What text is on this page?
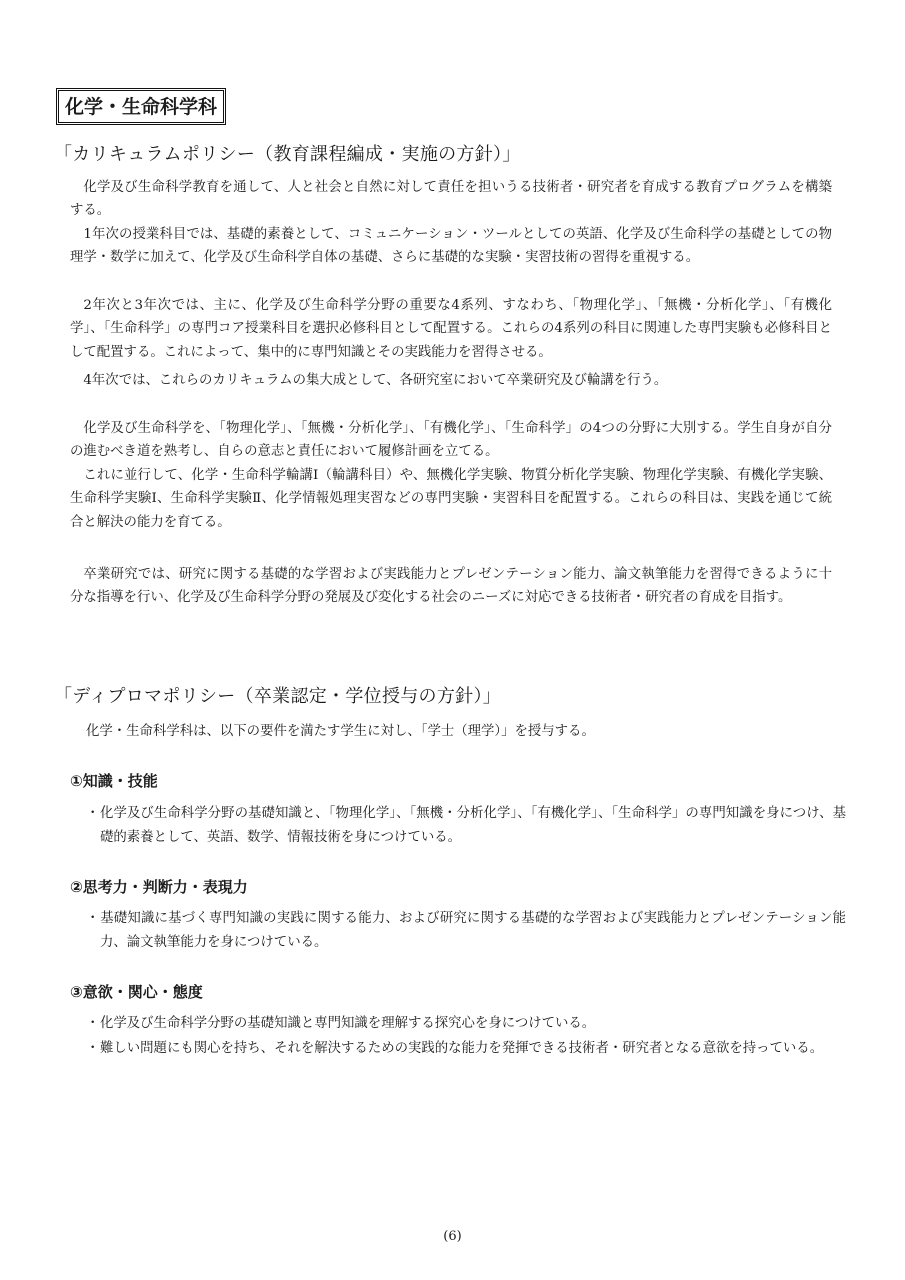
化学・生命科学科
「カリキュラムポリシー（教育課程編成・実施の方針）」

化学及び生命科学教育を通して、人と社会と自然に対して責任を担いうる技術者・研究者を育成する教育プログラムを構築する。

1年次の授業科目では、基礎的素養として、コミュニケーション・ツールとしての英語、化学及び生命科学の基礎としての物理学・数学に加えて、化学及び生命科学自体の基礎、さらに基礎的な実験・実習技術の習得を重視する。

2年次と3年次では、主に、化学及び生命科学分野の重要な4系列、すなわち、「物理化学」、「無機・分析化学」、「有機化学」、「生命科学」の専門コア授業科目を選択必修科目として配置する。これらの4系列の科目に関連した専門実験も必修科目として配置する。これによって、集中的に専門知識とその実践能力を習得させる。

4年次では、これらのカリキュラムの集大成として、各研究室において卒業研究及び輪講を行う。

化学及び生命科学を、「物理化学」、「無機・分析化学」、「有機化学」、「生命科学」の4つの分野に大別する。学生自身が自分の進むべき道を熟考し、自らの意志と責任において履修計画を立てる。

これに並行して、化学・生命科学輪講Ⅰ（輪講科目）や、無機化学実験、物質分析化学実験、物理化学実験、有機化学実験、生命科学実験Ⅰ、生命科学実験Ⅱ、化学情報処理実習などの専門実験・実習科目を配置する。これらの科目は、実践を通じて統合と解決の能力を育てる。

卒業研究では、研究に関する基礎的な学習および実践能力とプレゼンテーション能力、論文執筆能力を習得できるように十分な指導を行い、化学及び生命科学分野の発展及び変化する社会のニーズに対応できる技術者・研究者の育成を目指す。

「ディプロマポリシー（卒業認定・学位授与の方針）」

化学・生命科学科は、以下の要件を満たす学生に対し、「学士（理学）」を授与する。

①知識・技能

・化学及び生命科学分野の基礎知識と、「物理化学」、「無機・分析化学」、「有機化学」、「生命科学」の専門知識を身につけ、基礎的素養として、英語、数学、情報技術を身につけている。

②思考力・判断力・表現力

・基礎知識に基づく専門知識の実践に関する能力、および研究に関する基礎的な学習および実践能力とプレゼンテーション能力、論文執筆能力を身につけている。

③意欲・関心・態度

・化学及び生命科学分野の基礎知識と専門知識を理解する探究心を身につけている。

・難しい問題にも関心を持ち、それを解決するための実践的な能力を発揮できる技術者・研究者となる意欲を持っている。

(6)
